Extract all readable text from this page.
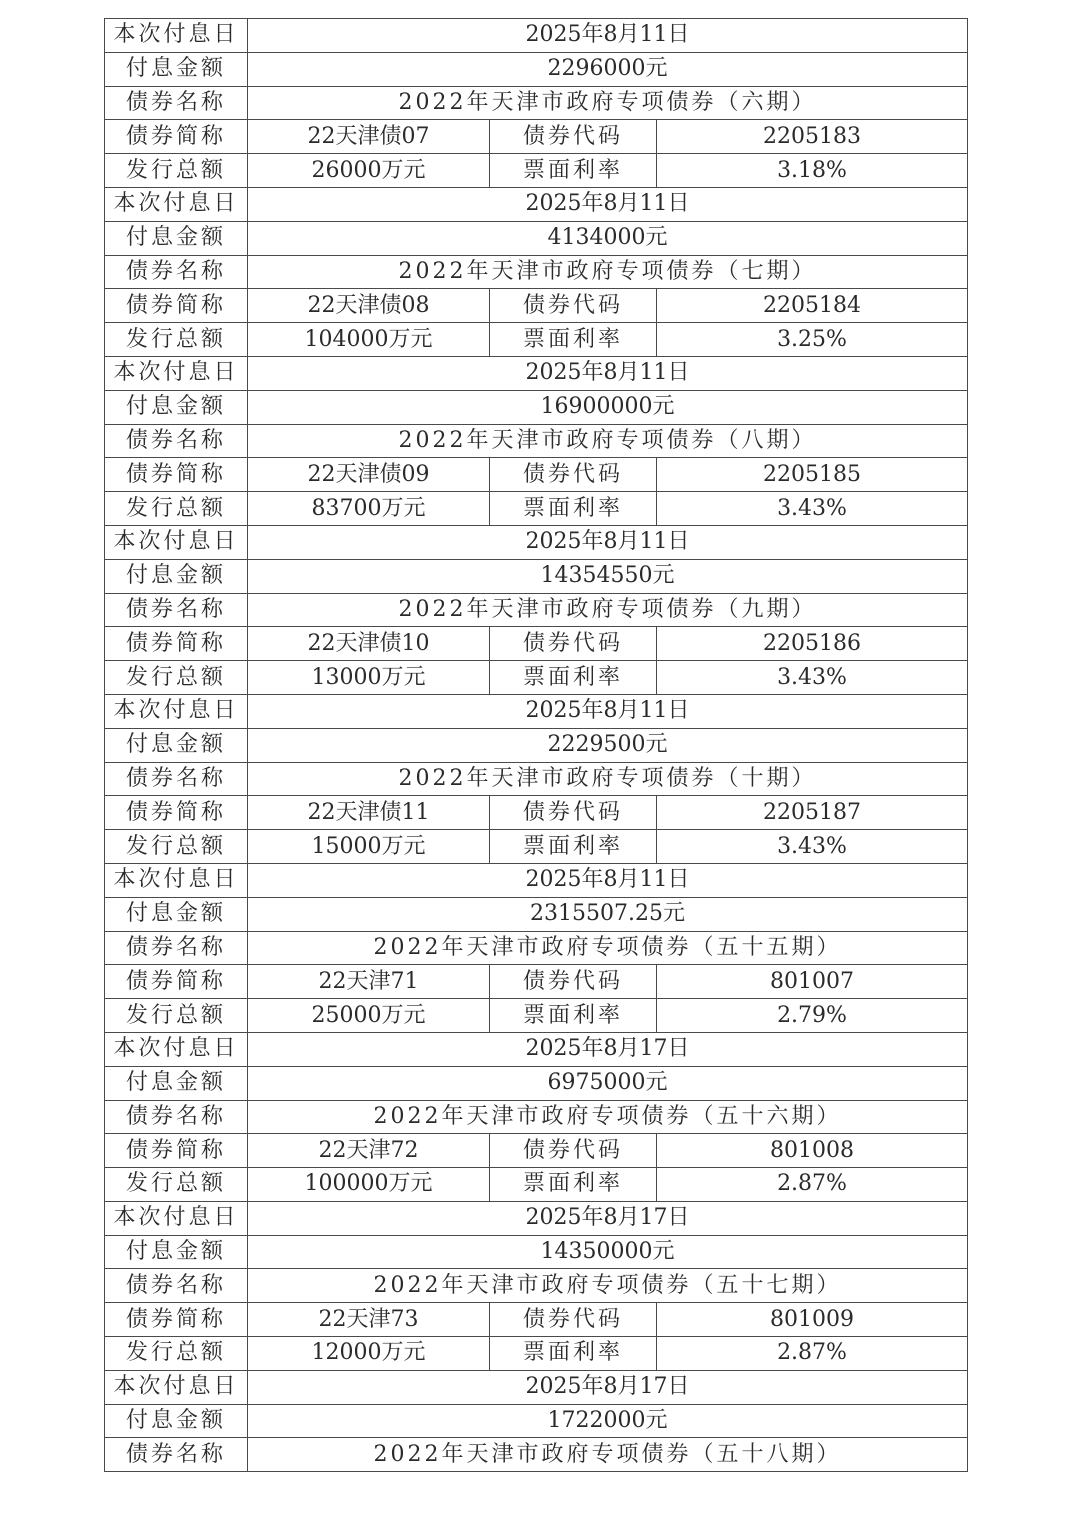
本次付息日	2025年8月11日		
付息金额	2296000元		
债券名称	2022年天津市政府专项债券（六期）		
债券简称	22天津债07	债券代码	2205183
发行总额	26000万元	票面利率	3.18%
本次付息日	2025年8月11日		
付息金额	4134000元		
债券名称	2022年天津市政府专项债券（七期）		
债券简称	22天津债08	债券代码	2205184
发行总额	104000万元	票面利率	3.25%
本次付息日	2025年8月11日		
付息金额	16900000元		
债券名称	2022年天津市政府专项债券（八期）		
债券简称	22天津债09	债券代码	2205185
发行总额	83700万元	票面利率	3.43%
本次付息日	2025年8月11日		
付息金额	14354550元		
债券名称	2022年天津市政府专项债券（九期）		
债券简称	22天津债10	债券代码	2205186
发行总额	13000万元	票面利率	3.43%
本次付息日	2025年8月11日		
付息金额	2229500元		
债券名称	2022年天津市政府专项债券（十期）		
债券简称	22天津债11	债券代码	2205187
发行总额	15000万元	票面利率	3.43%
本次付息日	2025年8月11日		
付息金额	2315507.25元		
债券名称	2022年天津市政府专项债券（五十五期）		
债券简称	22天津71	债券代码	801007
发行总额	25000万元	票面利率	2.79%
本次付息日	2025年8月17日		
付息金额	6975000元		
债券名称	2022年天津市政府专项债券（五十六期）		
债券简称	22天津72	债券代码	801008
发行总额	100000万元	票面利率	2.87%
本次付息日	2025年8月17日		
付息金额	14350000元		
债券名称	2022年天津市政府专项债券（五十七期）		
债券简称	22天津73	债券代码	801009
发行总额	12000万元	票面利率	2.87%
本次付息日	2025年8月17日		
付息金额	1722000元		
债券名称	2022年天津市政府专项债券（五十八期）		
